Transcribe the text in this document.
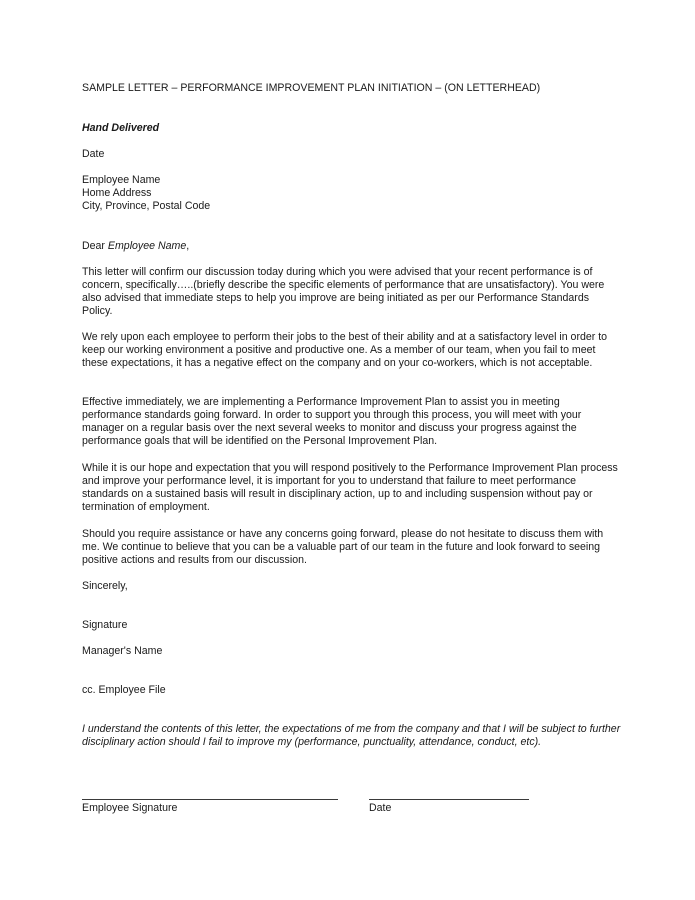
SAMPLE LETTER – PERFORMANCE IMPROVEMENT PLAN INITIATION – (ON LETTERHEAD)

Hand Delivered

Date

Employee Name
Home Address
City, Province, Postal Code

Dear Employee Name,

This letter will confirm our discussion today during which you were advised that your recent performance is of concern, specifically…..(briefly describe the specific elements of performance that are unsatisfactory). You were also advised that immediate steps to help you improve are being initiated as per our Performance Standards Policy.

We rely upon each employee to perform their jobs to the best of their ability and at a satisfactory level in order to keep our working environment a positive and productive one. As a member of our team, when you fail to meet these expectations, it has a negative effect on the company and on your co-workers, which is not acceptable.

Effective immediately, we are implementing a Performance Improvement Plan to assist you in meeting performance standards going forward. In order to support you through this process, you will meet with your manager on a regular basis over the next several weeks to monitor and discuss your progress against the performance goals that will be identified on the Personal Improvement Plan.

While it is our hope and expectation that you will respond positively to the Performance Improvement Plan process and improve your performance level, it is important for you to understand that failure to meet performance standards on a sustained basis will result in disciplinary action, up to and including suspension without pay or termination of employment.

Should you require assistance or have any concerns going forward, please do not hesitate to discuss them with me. We continue to believe that you can be a valuable part of our team in the future and look forward to seeing positive actions and results from our discussion.

Sincerely,

Signature

Manager's Name

cc. Employee File

I understand the contents of this letter, the expectations of me from the company and that I will be subject to further disciplinary action should I fail to improve my (performance, punctuality, attendance, conduct, etc).

Employee Signature	Date
